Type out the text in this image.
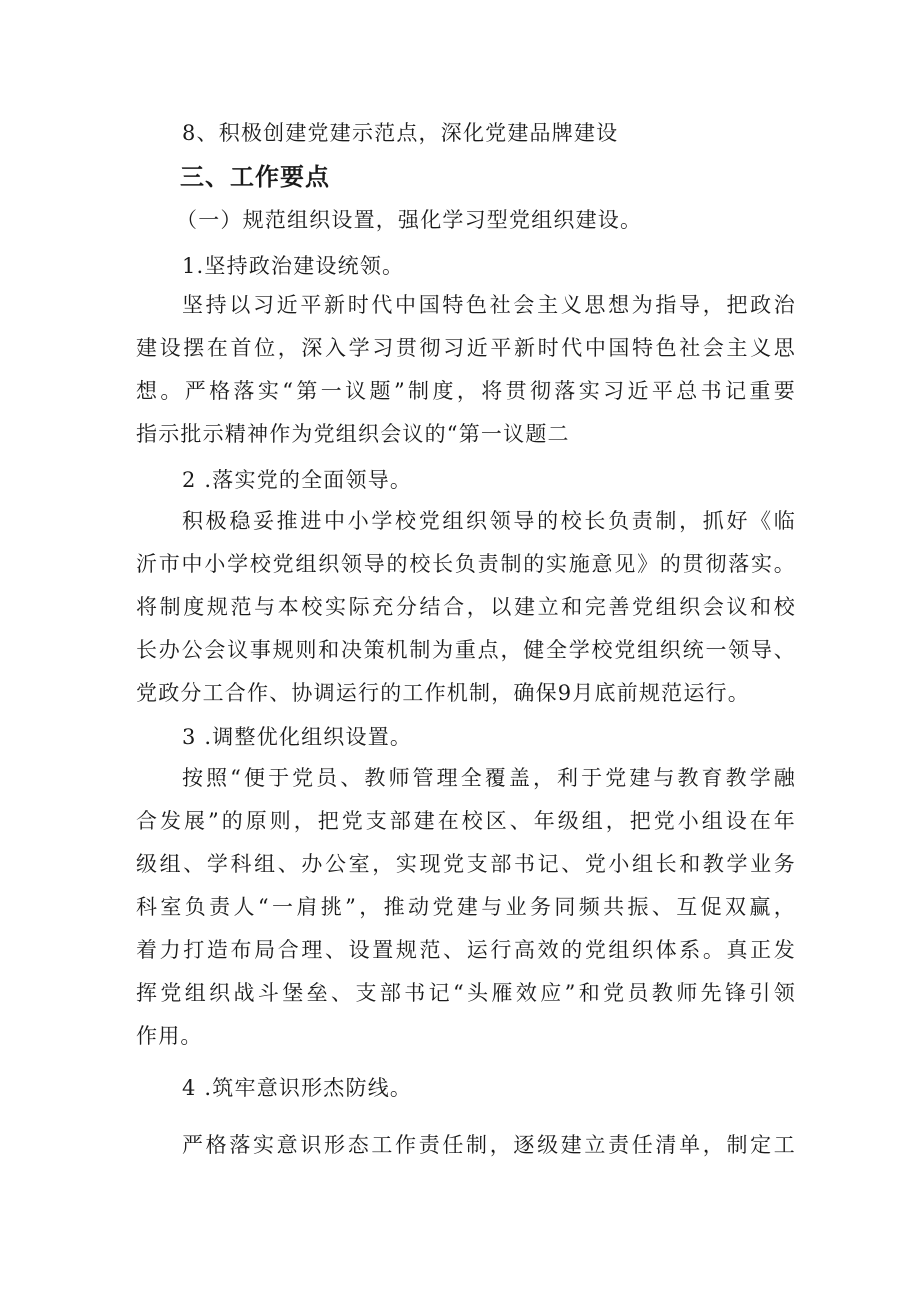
8、积极创建党建示范点，深化党建品牌建设
三、工作要点
（一）规范组织设置，强化学习型党组织建设。
1.坚持政治建设统领。
坚持以习近平新时代中国特色社会主义思想为指导，把政治
建设摆在首位，深入学习贯彻习近平新时代中国特色社会主义思
想。严格落实“第一议题”制度，将贯彻落实习近平总书记重要
指示批示精神作为党组织会议的“第一议题二
2 .落实党的全面领导。
积极稳妥推进中小学校党组织领导的校长负责制，抓好《临
沂市中小学校党组织领导的校长负责制的实施意见》的贯彻落实。
将制度规范与本校实际充分结合，以建立和完善党组织会议和校
长办公会议事规则和决策机制为重点，健全学校党组织统一领导、
党政分工合作、协调运行的工作机制，确保9月底前规范运行。
3 .调整优化组织设置。
按照“便于党员、教师管理全覆盖，利于党建与教育教学融
合发展”的原则，把党支部建在校区、年级组，把党小组设在年
级组、学科组、办公室，实现党支部书记、党小组长和教学业务
科室负责人“一肩挑”，推动党建与业务同频共振、互促双赢，
着力打造布局合理、设置规范、运行高效的党组织体系。真正发
挥党组织战斗堡垒、支部书记“头雁效应”和党员教师先锋引领
作用。
4 .筑牢意识形杰防线。
严格落实意识形态工作责任制，逐级建立责任清单，制定工
